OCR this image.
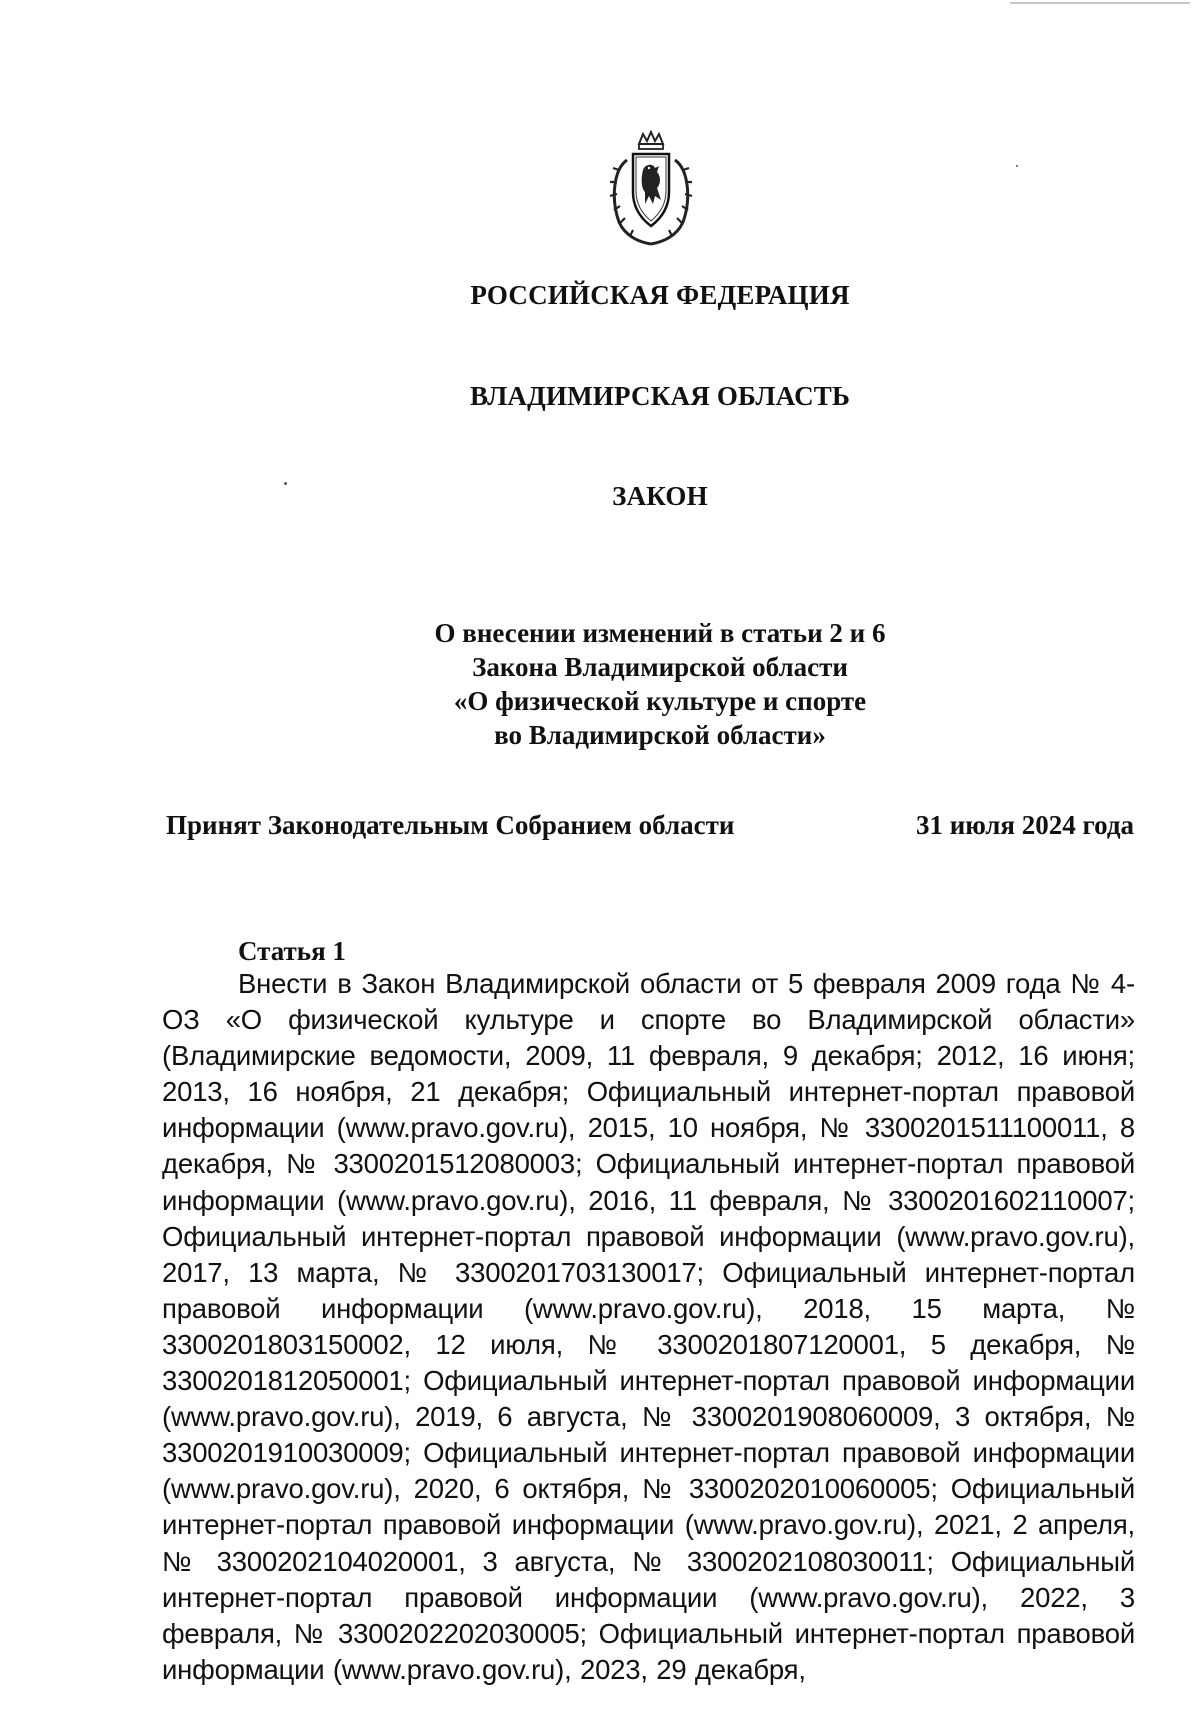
РОССИЙСКАЯ ФЕДЕРАЦИЯ
ВЛАДИМИРСКАЯ ОБЛАСТЬ
ЗАКОН
О внесении изменений в статьи 2 и 6
Закона Владимирской области
«О физической культуре и спорте
во Владимирской области»
Принят Законодательным Собранием области	31 июля 2024 года
Статья 1
Внести в Закон Владимирской области от 5 февраля 2009 года № 4-ОЗ «О физической культуре и спорте во Владимирской области» (Владимирские ведомости, 2009, 11 февраля, 9 декабря; 2012, 16 июня; 2013, 16 ноября, 21 декабря; Официальный интернет-портал правовой информации (www.pravo.gov.ru), 2015, 10 ноября, № 3300201511100011, 8 декабря, № 3300201512080003; Официальный интернет-портал правовой информации (www.pravo.gov.ru), 2016, 11 февраля, № 3300201602110007; Официальный интернет-портал правовой информации (www.pravo.gov.ru), 2017, 13 марта, № 3300201703130017; Официальный интернет-портал правовой информации (www.pravo.gov.ru), 2018, 15 марта, № 3300201803150002, 12 июля, № 3300201807120001, 5 декабря, № 3300201812050001; Официальный интернет-портал правовой информации (www.pravo.gov.ru), 2019, 6 августа, № 3300201908060009, 3 октября, № 3300201910030009; Официальный интернет-портал правовой информации (www.pravo.gov.ru), 2020, 6 октября, № 3300202010060005; Официальный интернет-портал правовой информации (www.pravo.gov.ru), 2021, 2 апреля, № 3300202104020001, 3 августа, № 3300202108030011; Официальный интернет-портал правовой информации (www.pravo.gov.ru), 2022, 3 февраля, № 3300202202030005; Официальный интернет-портал правовой информации (www.pravo.gov.ru), 2023, 29 декабря,
